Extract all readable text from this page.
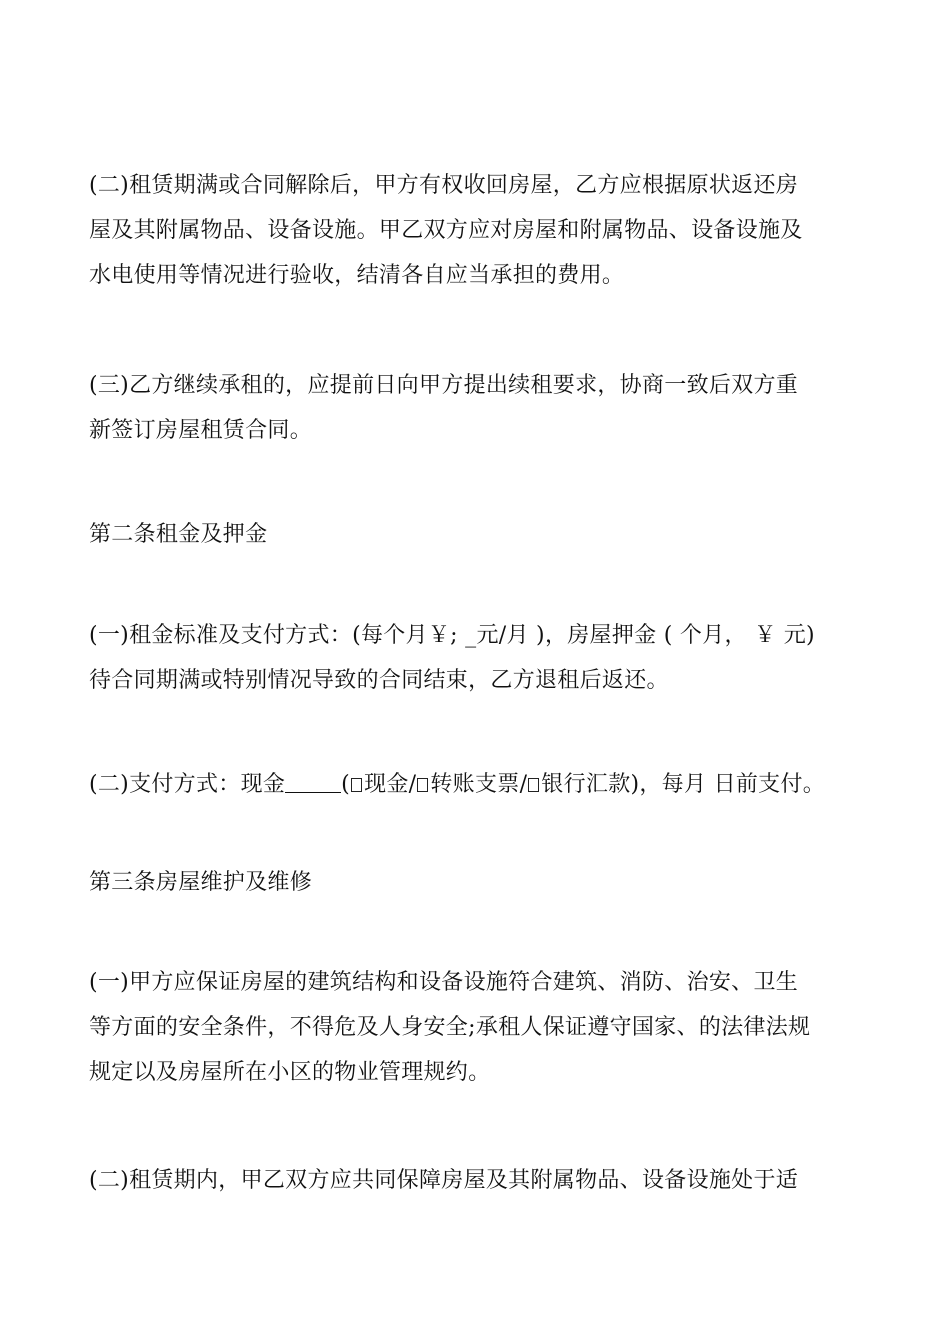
(二)租赁期满或合同解除后，甲方有权收回房屋，乙方应根据原状返还房
屋及其附属物品、设备设施。甲乙双方应对房屋和附属物品、设备设施及
水电使用等情况进行验收，结清各自应当承担的费用。
(三)乙方继续承租的，应提前日向甲方提出续租要求，协商一致后双方重
新签订房屋租赁合同。
第二条租金及押金
(一)租金标准及支付方式：(每个月￥; _元/月 )，房屋押金 ( 个月， ￥ 元)
待合同期满或特别情况导致的合同结束，乙方退租后返还。
(二)支付方式：现金	( 现金/ 转账支票/ 银行汇款)，每月 日前支付。
第三条房屋维护及维修
(一)甲方应保证房屋的建筑结构和设备设施符合建筑、消防、治安、卫生
等方面的安全条件，不得危及人身安全;承租人保证遵守国家、的法律法规
规定以及房屋所在小区的物业管理规约。
(二)租赁期内，甲乙双方应共同保障房屋及其附属物品、设备设施处于适
